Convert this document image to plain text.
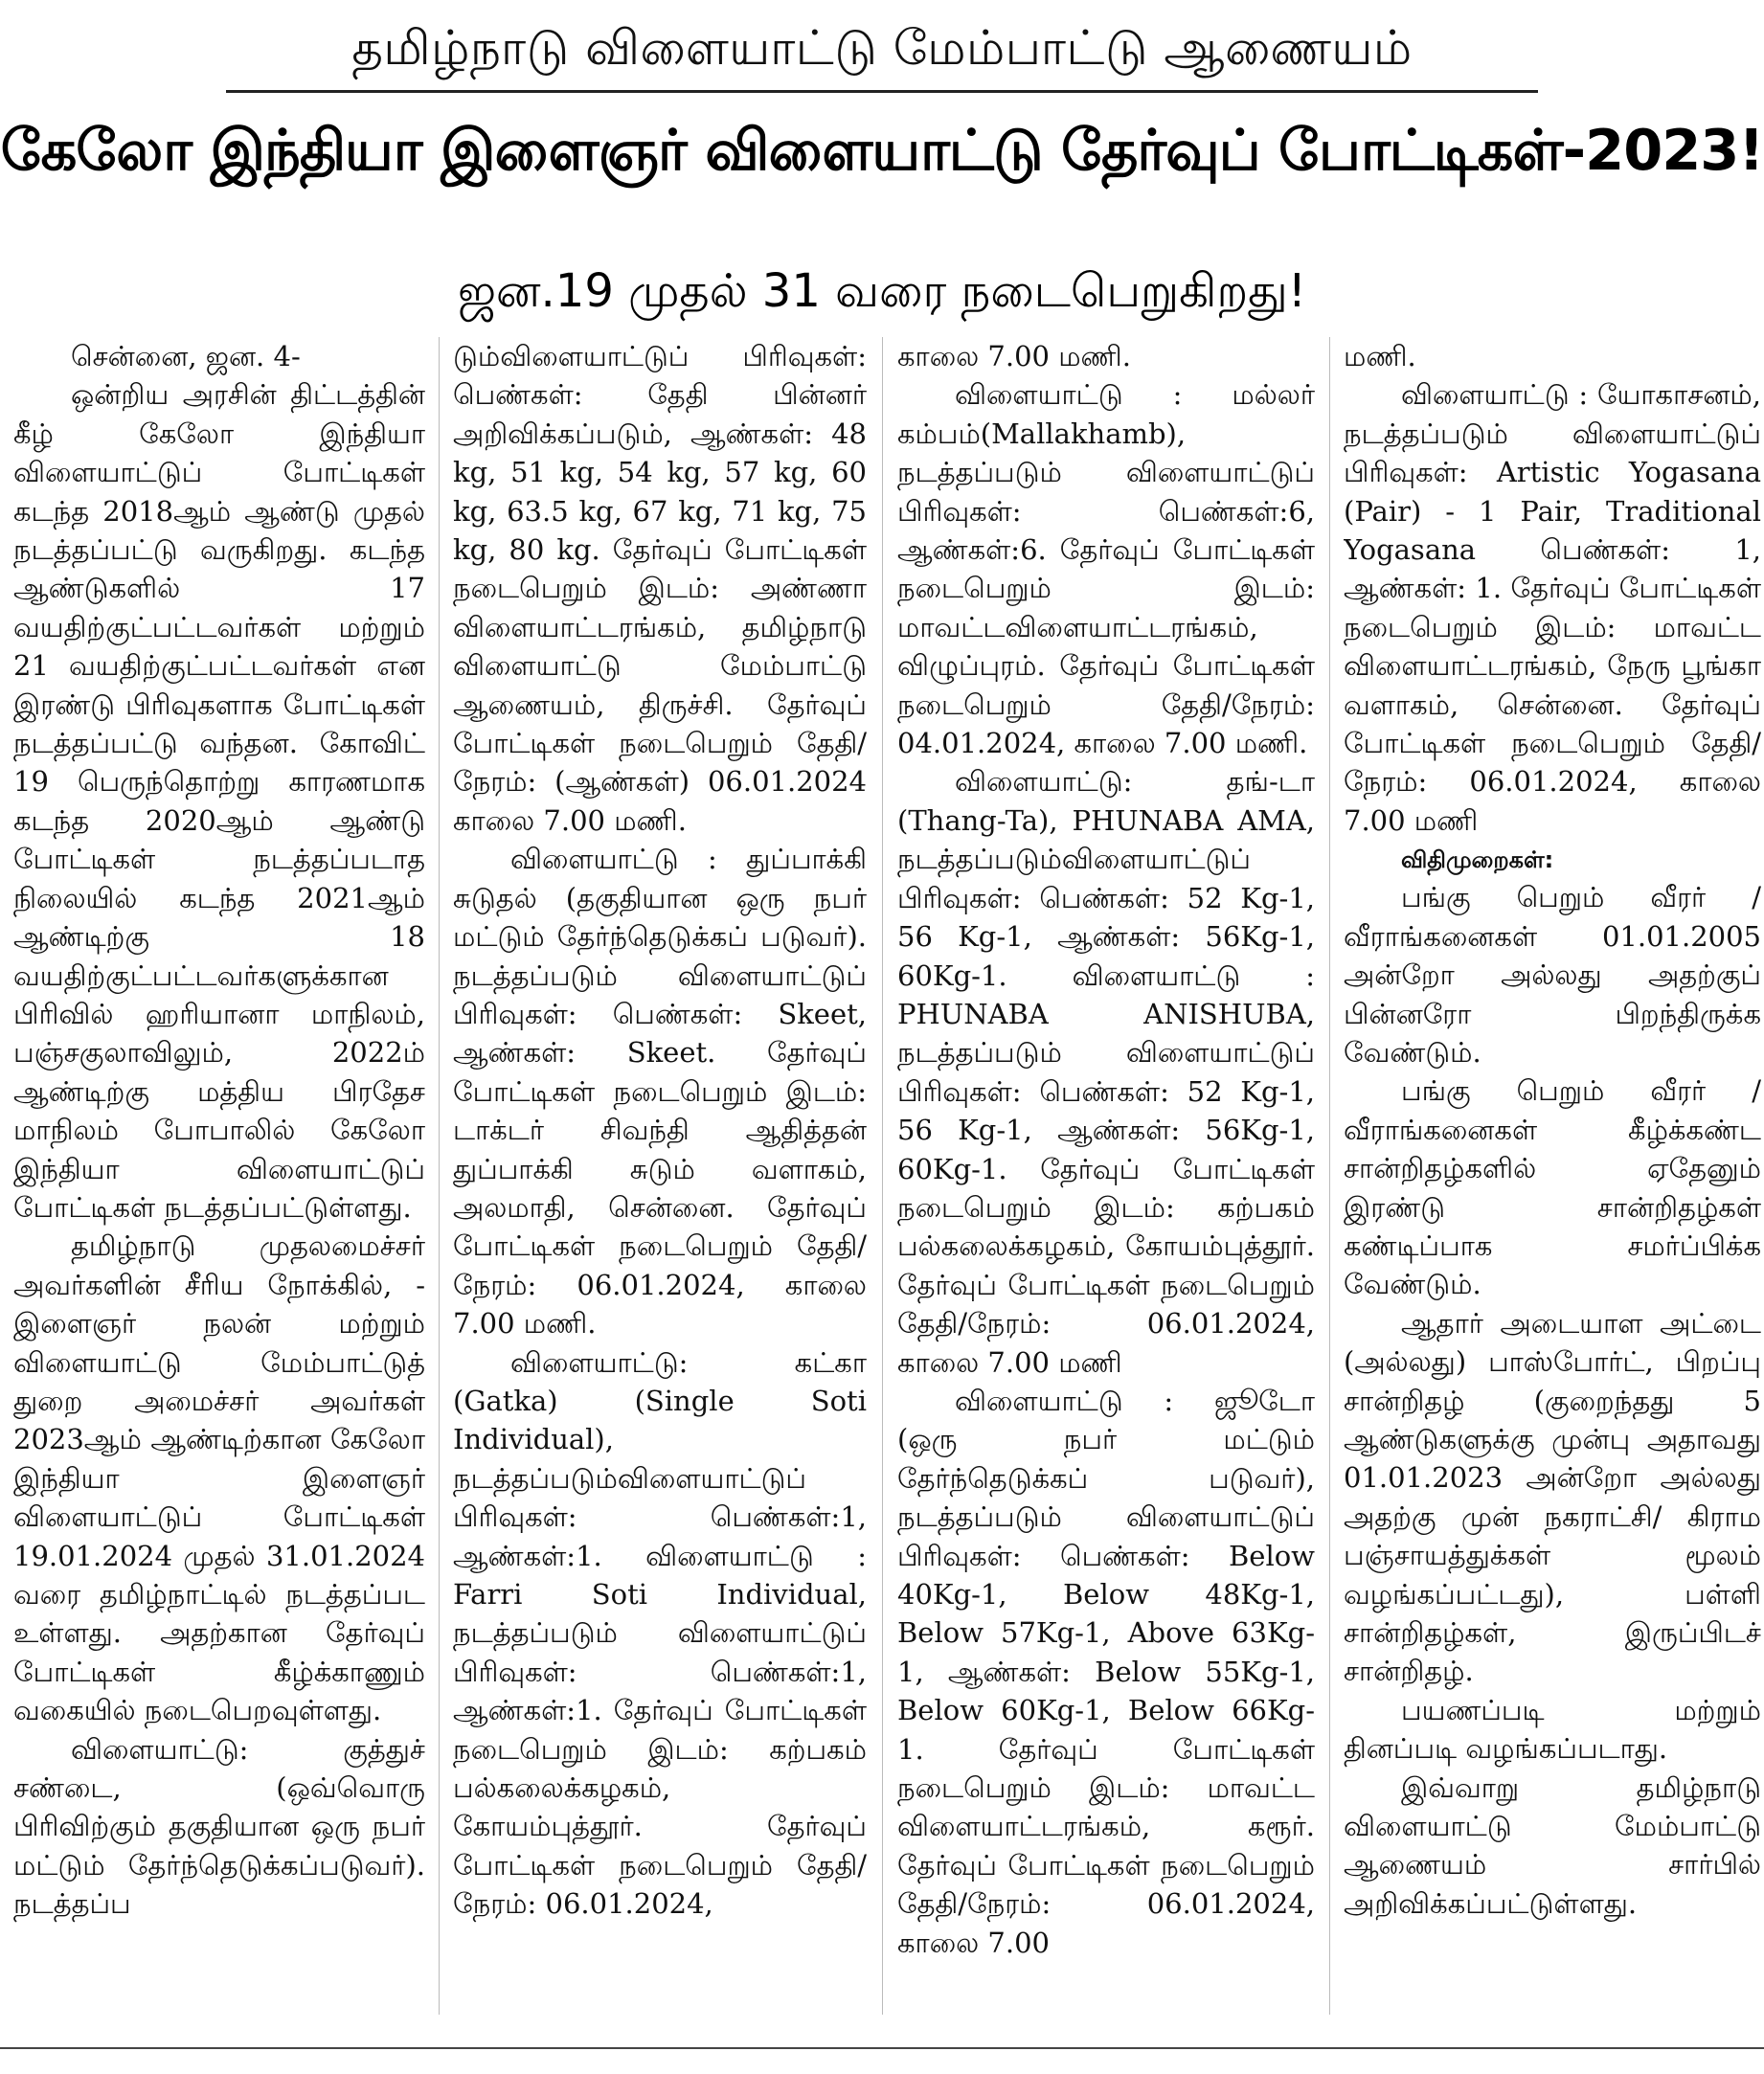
தமிழ்நாடு விளையாட்டு மேம்பாட்டு ஆணையம்
கேலோ இந்தியா இளைஞர் விளையாட்டு தேர்வுப் போட்டிகள்-2023!
ஜன.19 முதல் 31 வரை நடைபெறுகிறது!

சென்னை, ஜன. 4-

ஒன்றிய அரசின் திட்டத்தின் கீழ் கேலோ இந்தியா விளையாட்டுப் போட்டிகள் கடந்த 2018ஆம் ஆண்டு முதல் நடத்தப்பட்டு வருகிறது. கடந்த ஆண்டுகளில் 17 வயதிற்குட்பட்டவர்கள் மற்றும் 21 வயதிற்குட்பட்டவர்கள் என இரண்டு பிரிவுகளாக போட்டிகள் நடத்தப்பட்டு வந்தன. கோவிட் 19 பெருந்தொற்று காரணமாக கடந்த 2020ஆம் ஆண்டு போட்டிகள் நடத்தப்படாத நிலையில் கடந்த 2021ஆம் ஆண்டிற்கு 18 வயதிற்குட்பட்டவர்களுக்கான பிரிவில் ஹரியானா மாநிலம், பஞ்சகுலாவிலும், 2022ம் ஆண்டிற்கு மத்திய பிரதேச மாநிலம் போபாலில் கேலோ இந்தியா விளையாட்டுப் போட்டிகள் நடத்தப்பட்டுள்ளது.

தமிழ்நாடு முதலமைச்சர் அவர்களின் சீரிய நோக்கில், - இளைஞர் நலன் மற்றும் விளையாட்டு மேம்பாட்டுத் துறை அமைச்சர் அவர்கள் 2023ஆம் ஆண்டிற்கான கேலோ இந்தியா இளைஞர் விளையாட்டுப் போட்டிகள் 19.01.2024 முதல் 31.01.2024 வரை தமிழ்நாட்டில் நடத்தப்பட உள்ளது. அதற்கான தேர்வுப் போட்டிகள் கீழ்க்காணும் வகையில் நடைபெறவுள்ளது.

விளையாட்டு: குத்துச் சண்டை, (ஒவ்வொரு பிரிவிற்கும் தகுதியான ஒரு நபர் மட்டும் தேர்ந்தெடுக்கப்படுவர்). நடத்தப்ப

டும்விளையாட்டுப் பிரிவுகள்: பெண்கள்: தேதி பின்னர் அறிவிக்கப்படும், ஆண்கள்: 48 kg, 51 kg, 54 kg, 57 kg, 60 kg, 63.5 kg, 67 kg, 71 kg, 75 kg, 80 kg. தேர்வுப் போட்டிகள் நடைபெறும் இடம்: அண்ணா விளையாட்டரங்கம், தமிழ்நாடு விளையாட்டு மேம்பாட்டு ஆணையம், திருச்சி. தேர்வுப் போட்டிகள் நடைபெறும் தேதி/நேரம்: (ஆண்கள்) 06.01.2024 காலை 7.00 மணி.

விளையாட்டு : துப்பாக்கி சுடுதல் (தகுதியான ஒரு நபர் மட்டும் தேர்ந்தெடுக்கப் படுவர்). நடத்தப்படும் விளையாட்டுப் பிரிவுகள்: பெண்கள்: Skeet, ஆண்கள்: Skeet. தேர்வுப் போட்டிகள் நடைபெறும் இடம்: டாக்டர் சிவந்தி ஆதித்தன் துப்பாக்கி சுடும் வளாகம், அலமாதி, சென்னை. தேர்வுப் போட்டிகள் நடைபெறும் தேதி/ நேரம்: 06.01.2024, காலை 7.00 மணி.

விளையாட்டு: கட்கா (Gatka) (Single Soti Individual), நடத்தப்படும்விளையாட்டுப் பிரிவுகள்: பெண்கள்:1, ஆண்கள்:1. விளையாட்டு : Farri Soti Individual, நடத்தப்படும் விளையாட்டுப் பிரிவுகள்: பெண்கள்:1, ஆண்கள்:1. தேர்வுப் போட்டிகள் நடைபெறும் இடம்: கற்பகம் பல்கலைக்கழகம், கோயம்புத்தூர். தேர்வுப் போட்டிகள் நடைபெறும் தேதி/நேரம்: 06.01.2024,

காலை 7.00 மணி.

விளையாட்டு : மல்லர் கம்பம்(Mallakhamb), நடத்தப்படும் விளையாட்டுப் பிரிவுகள்: பெண்கள்:6, ஆண்கள்:6. தேர்வுப் போட்டிகள் நடைபெறும் இடம்: மாவட்டவிளையாட்டரங்கம், விழுப்புரம். தேர்வுப் போட்டிகள் நடைபெறும் தேதி/நேரம்: 04.01.2024, காலை 7.00 மணி.

விளையாட்டு: தங்-டா (Thang-Ta), PHUNABA AMA, நடத்தப்படும்விளையாட்டுப் பிரிவுகள்: பெண்கள்: 52 Kg-1, 56 Kg-1, ஆண்கள்: 56Kg-1, 60Kg-1. விளையாட்டு : PHUNABA ANISHUBA, நடத்தப்படும் விளையாட்டுப் பிரிவுகள்: பெண்கள்: 52 Kg-1, 56 Kg-1, ஆண்கள்: 56Kg-1, 60Kg-1. தேர்வுப் போட்டிகள் நடைபெறும் இடம்: கற்பகம் பல்கலைக்கழகம், கோயம்புத்தூர். தேர்வுப் போட்டிகள் நடைபெறும் தேதி/நேரம்: 06.01.2024, காலை 7.00 மணி

விளையாட்டு : ஜூடோ (ஒரு நபர் மட்டும் தேர்ந்தெடுக்கப் படுவர்), நடத்தப்படும் விளையாட்டுப் பிரிவுகள்: பெண்கள்: Below 40Kg-1, Below 48Kg-1, Below 57Kg-1, Above 63Kg-1, ஆண்கள்: Below 55Kg-1, Below 60Kg-1, Below 66Kg-1. தேர்வுப் போட்டிகள் நடைபெறும் இடம்: மாவட்ட விளையாட்டரங்கம், கரூர். தேர்வுப் போட்டிகள் நடைபெறும் தேதி/நேரம்: 06.01.2024, காலை 7.00

மணி.

விளையாட்டு : யோகாசனம், நடத்தப்படும் விளையாட்டுப் பிரிவுகள்: Artistic Yogasana (Pair) - 1 Pair, Traditional Yogasana பெண்கள்: 1, ஆண்கள்: 1. தேர்வுப் போட்டிகள் நடைபெறும் இடம்: மாவட்ட விளையாட்டரங்கம், நேரு பூங்கா வளாகம், சென்னை. தேர்வுப் போட்டிகள் நடைபெறும் தேதி/நேரம்: 06.01.2024, காலை 7.00 மணி

விதிமுறைகள்:

பங்கு பெறும் வீரர் / வீராங்கனைகள் 01.01.2005 அன்றோ அல்லது அதற்குப் பின்னரோ பிறந்திருக்க வேண்டும்.

பங்கு பெறும் வீரர் / வீராங்கனைகள் கீழ்க்கண்ட சான்றிதழ்களில் ஏதேனும் இரண்டு சான்றிதழ்கள் கண்டிப்பாக சமர்ப்பிக்க வேண்டும்.

ஆதார் அடையாள அட்டை (அல்லது) பாஸ்போர்ட், பிறப்பு சான்றிதழ் (குறைந்தது 5 ஆண்டுகளுக்கு முன்பு அதாவது 01.01.2023 அன்றோ அல்லது அதற்கு முன் நகராட்சி/ கிராம பஞ்சாயத்துக்கள் மூலம் வழங்கப்பட்டது), பள்ளி சான்றிதழ்கள், இருப்பிடச் சான்றிதழ்.

பயணப்படி மற்றும் தினப்படி வழங்கப்படாது.

இவ்வாறு தமிழ்நாடு விளையாட்டு மேம்பாட்டு ஆணையம் சார்பில் அறிவிக்கப்பட்டுள்ளது.
